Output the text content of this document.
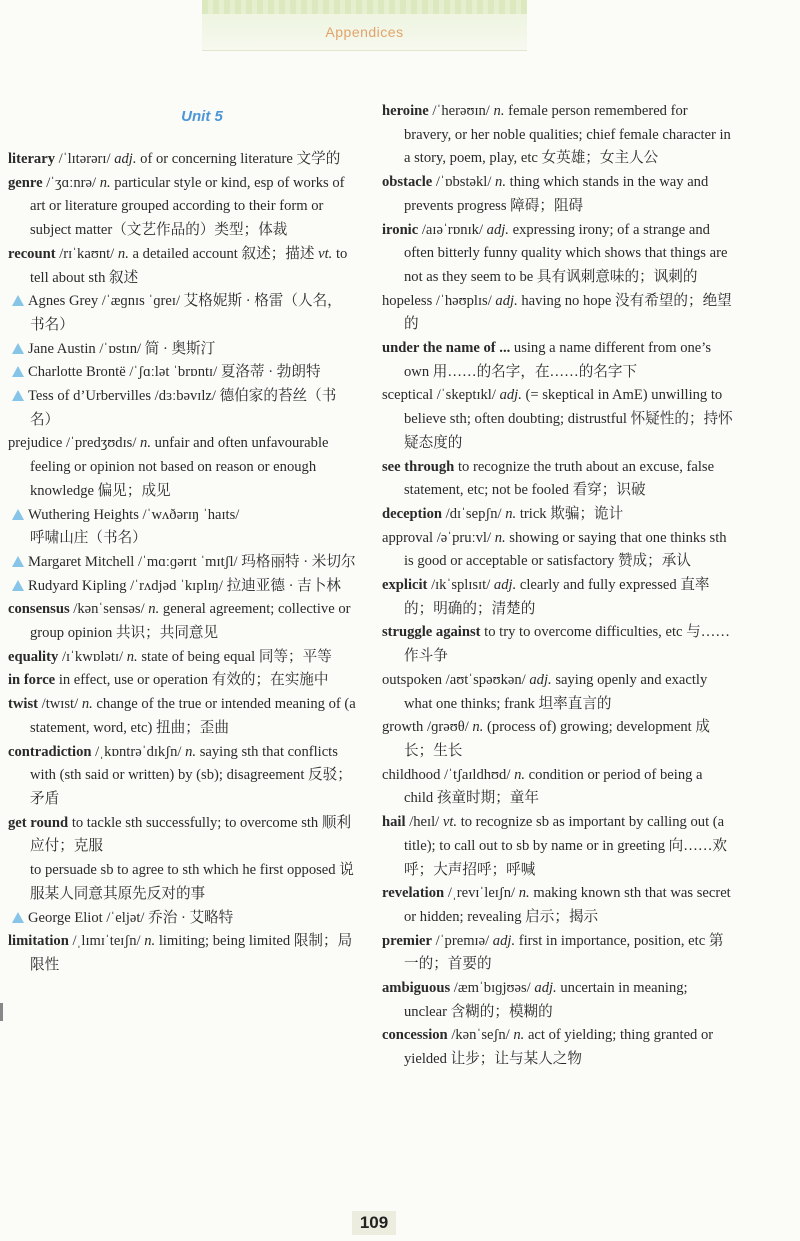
Appendices
Unit 5

literary /ˈlɪtərərɪ/ adj. of or concerning literature 文学的

genre /ˈʒɑːnrə/ n. particular style or kind, esp of works of art or literature grouped according to their form or subject matter（文艺作品的）类型；体裁

recount /rɪˈkaʊnt/ n. a detailed account 叙述；描述 vt. to tell about sth 叙述

Agnes Grey /ˈæɡnɪs ˈɡreɪ/ 艾格妮斯 · 格雷（人名，书名）

Jane Austin /ˈɒstɪn/ 简 · 奥斯汀

Charlotte Brontë /ˈʃɑːlət ˈbrɒntɪ/ 夏洛蒂 · 勃朗特

Tess of d’Urbervilles /dɜːbəvɪlz/ 德伯家的苔丝（书名）

prejudice /ˈpredʒʊdɪs/ n. unfair and often unfavourable feeling or opinion not based on reason or enough knowledge 偏见；成见

Wuthering Heights /ˈwʌðərɪŋ ˈhaɪts/ 呼啸山庄（书名）

Margaret Mitchell /ˈmɑːɡərɪt ˈmɪtʃl/ 玛格丽特 · 米切尔

Rudyard Kipling /ˈrʌdjəd ˈkɪplɪŋ/ 拉迪亚德 · 吉卜林

consensus /kənˈsensəs/ n. general agreement; collective or group opinion 共识；共同意见

equality /ɪˈkwɒlətɪ/ n. state of being equal 同等；平等

in force in effect, use or operation 有效的；在实施中

twist /twɪst/ n. change of the true or intended meaning of (a statement, word, etc) 扭曲；歪曲

contradiction /ˌkɒntrəˈdɪkʃn/ n. saying sth that conflicts with (sth said or written) by (sb); disagreement 反驳；矛盾

get round to tackle sth successfully; to overcome sth 顺利应付；克服
to persuade sb to agree to sth which he first opposed 说服某人同意其原先反对的事

George Eliot /ˈeljət/ 乔治 · 艾略特

limitation /ˌlɪmɪˈteɪʃn/ n. limiting; being limited 限制；局限性

heroine /ˈherəʊɪn/ n. female person remembered for bravery, or her noble qualities; chief female character in a story, poem, play, etc 女英雄；女主人公

obstacle /ˈɒbstəkl/ n. thing which stands in the way and prevents progress 障碍；阻碍

ironic /aɪəˈrɒnɪk/ adj. expressing irony; of a strange and often bitterly funny quality which shows that things are not as they seem to be 具有讽刺意味的；讽刺的

hopeless /ˈhəʊplɪs/ adj. having no hope 没有希望的；绝望的

under the name of ... using a name different from one’s own 用……的名字，在……的名字下

sceptical /ˈskeptɪkl/ adj. (= skeptical in AmE) unwilling to believe sth; often doubting; distrustful 怀疑性的；持怀疑态度的

see through to recognize the truth about an excuse, false statement, etc; not be fooled 看穿；识破

deception /dɪˈsepʃn/ n. trick 欺骗；诡计

approval /əˈpruːvl/ n. showing or saying that one thinks sth is good or acceptable or satisfactory 赞成；承认

explicit /ɪkˈsplɪsɪt/ adj. clearly and fully expressed 直率的；明确的；清楚的

struggle against to try to overcome difficulties, etc 与……作斗争

outspoken /aʊtˈspəʊkən/ adj. saying openly and exactly what one thinks; frank 坦率直言的

growth /ɡrəʊθ/ n. (process of) growing; development 成长；生长

childhood /ˈtʃaɪldhʊd/ n. condition or period of being a child 孩童时期；童年

hail /heɪl/ vt. to recognize sb as important by calling out (a title); to call out to sb by name or in greeting 向……欢呼；大声招呼；呼喊

revelation /ˌrevɪˈleɪʃn/ n. making known sth that was secret or hidden; revealing 启示；揭示

premier /ˈpremɪə/ adj. first in importance, position, etc 第一的；首要的

ambiguous /æmˈbɪɡjʊəs/ adj. uncertain in meaning; unclear 含糊的；模糊的

concession /kənˈseʃn/ n. act of yielding; thing granted or yielded 让步；让与某人之物

109
